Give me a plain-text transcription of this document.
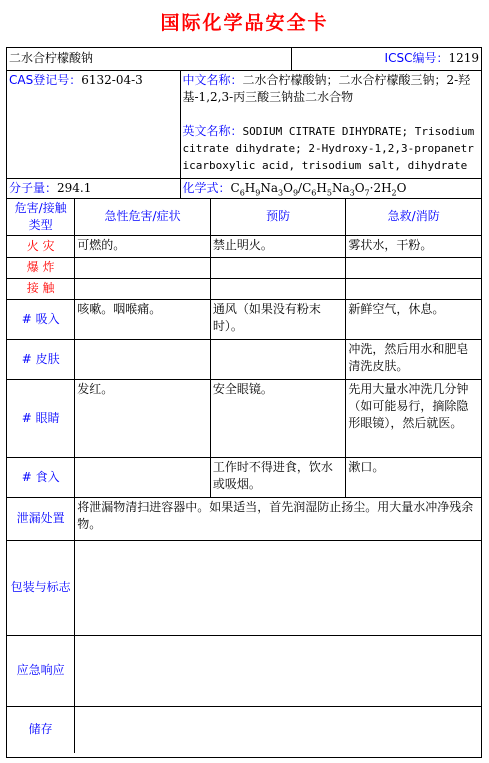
国际化学品安全卡
二水合柠檬酸钠	ICSC编号：1219
CAS登记号：6132-04-3	中文名称：二水合柠檬酸钠；二水合柠檬酸三钠；2-羟基-1,2,3-丙三酸三钠盐二水合物
英文名称：SODIUM CITRATE DIHYDRATE; Trisodium citrate dihydrate; 2-Hydroxy-1,2,3-propanetricarboxylic acid, trisodium salt, dihydrate

分子量：294.1	化学式：$C_6H_9Na_3O_9/C_6H_5Na_3O_7\cdot 2H_2O$
危害/接触类型	急性危害/症状	预防	急救/消防
火 灾	可燃的。	禁止明火。	雾状水，干粉。
爆 炸			
接 触			
# 吸入	咳嗽。咽喉痛。	通风（如果没有粉末时）。	新鲜空气，休息。
# 皮肤			冲洗，然后用水和肥皂清洗皮肤。
# 眼睛	发红。	安全眼镜。	先用大量水冲洗几分钟（如可能易行，摘除隐形眼镜），然后就医。
# 食入		工作时不得进食，饮水或吸烟。	漱口。
泄漏处置	将泄漏物清扫进容器中。如果适当，首先润湿防止扬尘。用大量水冲净残余物。
包装与标志	
应急响应	
储存	
